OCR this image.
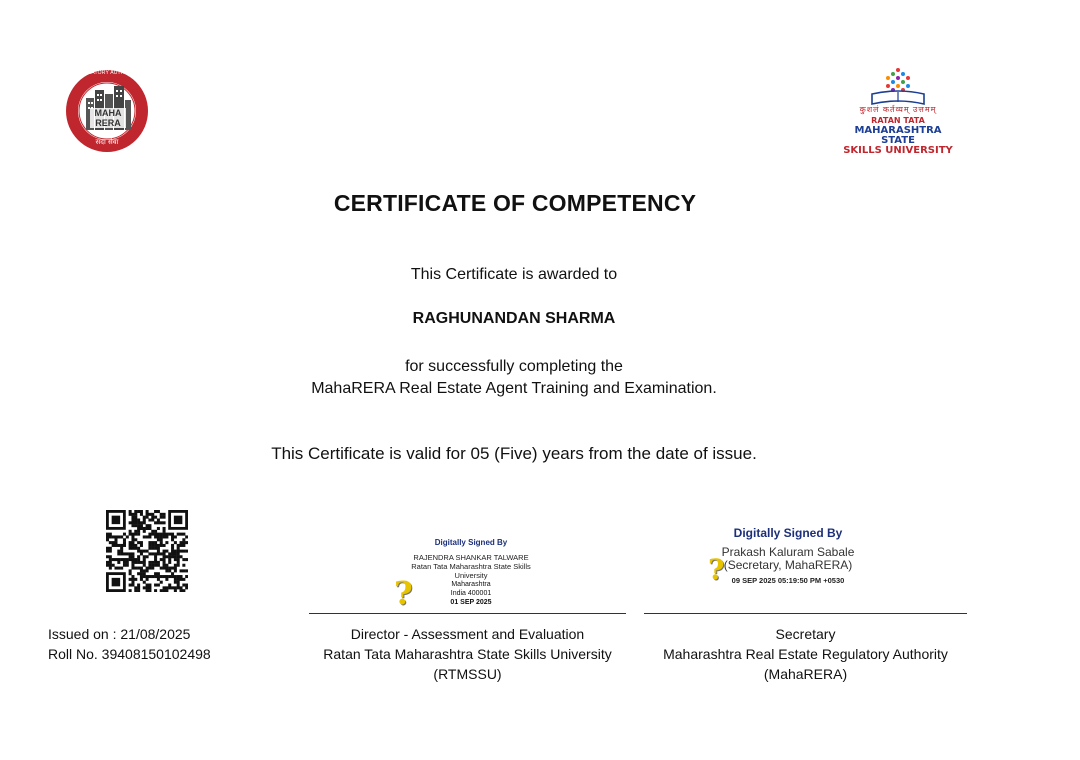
MAHA RERA
सदा सेवा
MAHARASHTRA REAL ESTATE REGULATORY AUTHORITY
कुशलं कर्तव्यम् उत्तमम्
RATAN TATA
MAHARASHTRA STATE
SKILLS UNIVERSITY
CERTIFICATE OF COMPETENCY
This Certificate is awarded to
RAGHUNANDAN SHARMA
for successfully completing the
MahaRERA Real Estate Agent Training and Examination.
This Certificate is valid for 05 (Five) years from the date of issue.
Digitally Signed By
RAJENDRA SHANKAR TALWARE
Ratan Tata Maharashtra State Skills University
Maharashtra
India 400001
01 SEP 2025
?
Digitally Signed By
Prakash Kaluram Sabale
(Secretary, MahaRERA)
09 SEP 2025 05:19:50 PM +0530
?
Issued on : 21/08/2025
Roll No. 39408150102498
Director - Assessment and Evaluation
Ratan Tata Maharashtra State Skills University
(RTMSSU)
Secretary
Maharashtra Real Estate Regulatory Authority
(MahaRERA)
